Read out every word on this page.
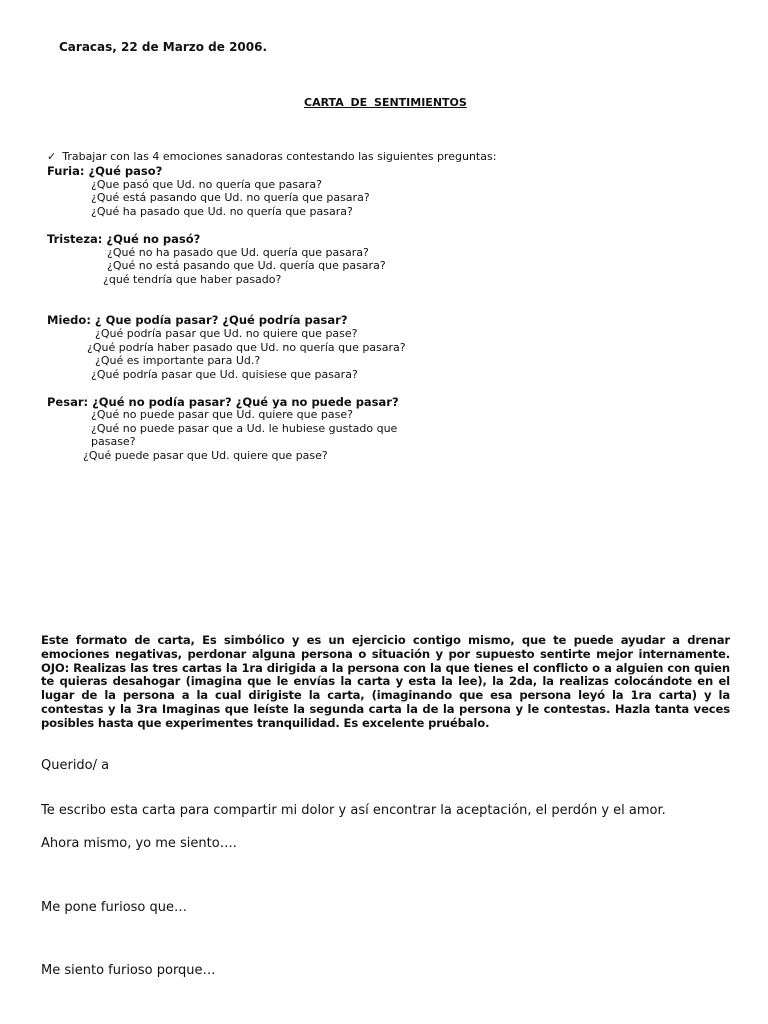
Caracas, 22 de Marzo de 2006.
CARTA DE SENTIMIENTOS
✓ Trabajar con las 4 emociones sanadoras contestando las siguientes preguntas:
Furia: ¿Qué paso?
¿Que pasó que Ud. no quería que pasara?
¿Qué está pasando que Ud. no quería que pasara?
¿Qué ha pasado que Ud. no quería que pasara?
Tristeza: ¿Qué no pasó?
¿Qué no ha pasado que Ud. quería que pasara?
¿Qué no está pasando que Ud. quería que pasara?
¿qué tendría que haber pasado?
Miedo: ¿ Que podía pasar? ¿Qué podría pasar?
¿Qué podría pasar que Ud. no quiere que pase?
¿Qué podría haber pasado que Ud. no quería que pasara?
¿Qué es importante para Ud.?
¿Qué podría pasar que Ud. quisiese que pasara?
Pesar: ¿Qué no podía pasar? ¿Qué ya no puede pasar?
¿Qué no puede pasar que Ud. quiere que pase?
¿Qué no puede pasar que a Ud. le hubiese gustado que
pasase?
¿Qué puede pasar que Ud. quiere que pase?
Este formato de carta, Es simbólico y es un ejercicio contigo mismo, que te puede ayudar a drenar emociones negativas, perdonar alguna persona o situación y por supuesto sentirte mejor internamente. OJO: Realizas las tres cartas la 1ra dirigida a la persona con la que tienes el conflicto o a alguien con quien te quieras desahogar (imagina que le envías la carta y esta la lee), la 2da, la realizas colocándote en el lugar de la persona a la cual dirigiste la carta, (imaginando que esa persona leyó la 1ra carta) y la contestas y la 3ra Imaginas que leíste la segunda carta la de la persona y le contestas. Hazla tanta veces posibles hasta que experimentes tranquilidad. Es excelente pruébalo.
Querido/ a
Te escribo esta carta para compartir mi dolor y así encontrar la aceptación, el perdón y el amor.
Ahora mismo, yo me siento….
Me pone furioso que…
Me siento furioso porque…
